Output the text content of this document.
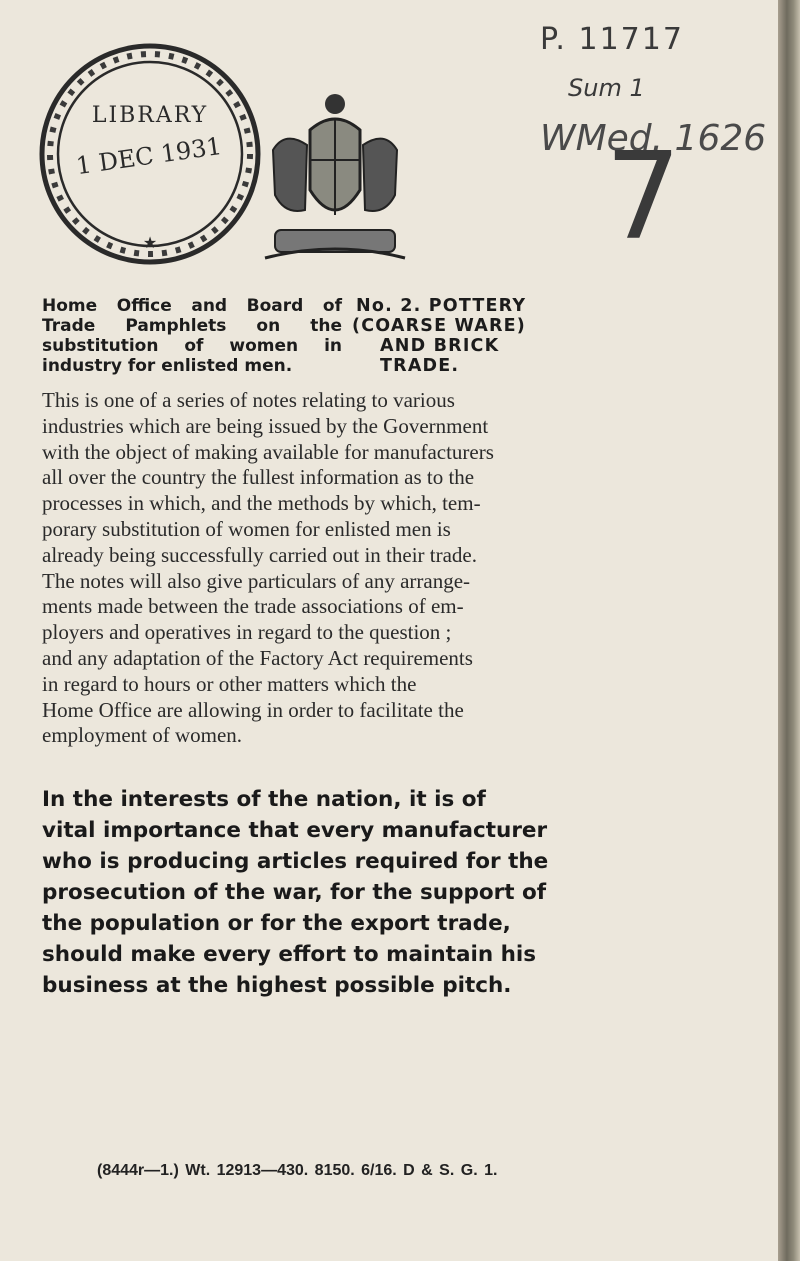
LIBRARY
1 DEC 1931
★
P. 11717
Sum 1
WMed. 1626
7
Home Office and Board of Trade Pamphlets on the substitution of women in industry for enlisted men.
No. 2. POTTERY
(COARSE WARE)
AND BRICK
TRADE.
This is one of a series of notes relating to various
industries which are being issued by the Government
with the object of making available for manufacturers
all over the country the fullest information as to the
processes in which, and the methods by which, tem-
porary substitution of women for enlisted men is
already being successfully carried out in their trade.
The notes will also give particulars of any arrange-
ments made between the trade associations of em-
ployers and operatives in regard to the question ;
and any adaptation of the Factory Act requirements
in regard to hours or other matters which the
Home Office are allowing in order to facilitate the
employment of women.
In the interests of the nation, it is of
vital importance that every manufacturer
who is producing articles required for the
prosecution of the war, for the support of
the population or for the export trade,
should make every effort to maintain his
business at the highest possible pitch.
(8444r—1.) Wt. 12913—430. 8150. 6/16. D & S. G. 1.
